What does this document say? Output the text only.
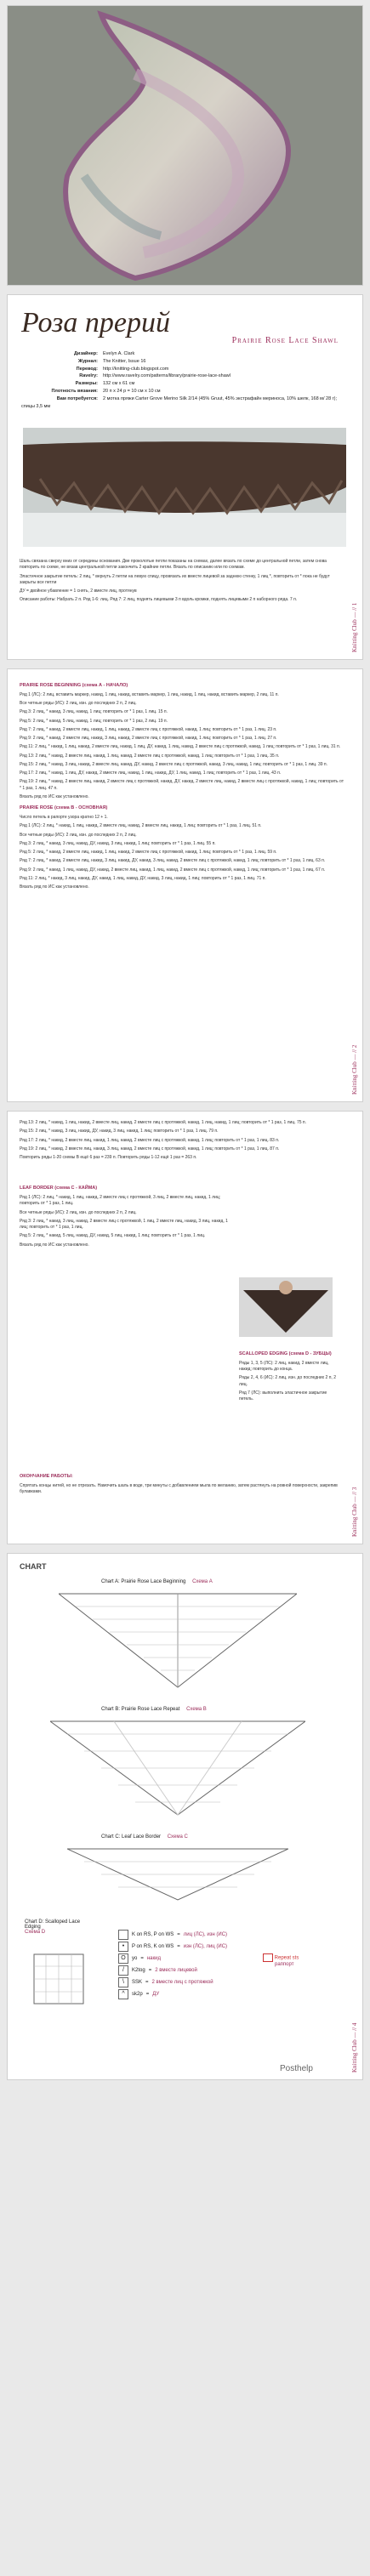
Роза прерий
Prairie Rose Lace Shawl
Дизайнер: Evelyn A. Clark
Журнал: The Knitter, Issue 16
Перевод: http://knitting-club.blogspot.com
Ravelry: http://www.ravelry.com/patterns/library/prairie-rose-lace-shawl
Размеры: 132 см х 61 см
Плотность вязания: 20 п х 24 р = 10 см х 10 см
Вам потребуется: 2 мотка пряжи Carter Grove Merino Silk 2/14 (45% Gruut, 45% экстрафайн мериноса, 10% шелк, 168 м/ 28 г); спицы 3,5 мм

Шаль связана сверху вниз от середины основания. Две проколотые петли показаны на схемах, далее вязать по схеме до центральной петли, затем снова повторить по схеме, не вязав центральной петли закончить 2 крайние петли. Вязать по описанию или по схемам.

Эластичное закрытие петель: 2 лиц, * вернуть 2 петли на левую спицу, провязать их вместе лицевой за заднюю стенку, 1 лиц *, повторить от * пока не будут закрыты все петли

ДУ = двойное убавление = 1 снять, 2 вместе лиц, протянув

Описание работы: Набрать 2 п. Ряд 1-6: лиц. Ряд 7: 2 лиц, поднять лицевыми 3 п вдоль кромки, поднять лицевыми 2 п наборного ряда. 7 п.

Knitting Club — // 1
PRAIRIE ROSE BEGINNING (схема А - НАЧАЛО)

Ряд 1 (ЛС): 2 лиц, вставить маркер, накид, 1 лиц, накид, вставить маркер, 1 лиц, накид, 1 лиц, накид, вставить маркер, 2 лиц. 11 п.

Все четные ряды (ИС): 2 лиц, изн. до последних 2 п, 2 лиц.

Ряд 3: 2 лиц, * накид, 3 лиц, накид, 1 лиц; повторить от * 1 раз, 1 лиц. 15 п.

Ряд 5: 2 лиц, * накид, 5 лиц, накид, 1 лиц; повторить от * 1 раз, 2 лиц. 19 п.

Ряд 7: 2 лиц, * накид, 2 вместе лиц, накид, 1 лиц, накид, 2 вместе лиц с протяжкой, накид, 1 лиц; повторить от * 1 раз, 1 лиц. 23 п.

Ряд 9: 2 лиц, * накид, 2 вместе лиц, накид, 3 лиц, накид, 2 вместе лиц с протяжкой, накид, 1 лиц; повторить от * 1 раз, 1 лиц. 27 п.

Ряд 11: 2 лиц, * накид, 1 лиц, накид, 2 вместе лиц, накид, 1 лиц, ДУ, накид, 1 лиц, накид, 2 вместе лиц с протяжкой, накид, 1 лиц; повторить от * 1 раз, 1 лиц. 31 п.

Ряд 13: 2 лиц, * накид, 2 вместе лиц, накид, 1 лиц, накид, 2 вместе лиц с протяжкой, накид, 1 лиц; повторить от * 1 раз, 1 лиц. 35 п.

Ряд 15: 2 лиц, * накид, 3 лиц, накид, 2 вместе лиц, накид, ДУ, накид, 2 вместе лиц с протяжкой, накид, 3 лиц, накид, 1 лиц; повторить от * 1 раз, 1 лиц. 39 п.

Ряд 17: 2 лиц, * накид, 1 лиц, ДУ, накид, 2 вместе лиц, накид, 1 лиц, накид, ДУ, 1 лиц, накид, 1 лиц; повторить от * 1 раз, 1 лиц. 43 п.

Ряд 19: 2 лиц, * накид, 2 вместе лиц, накид, 2 вместе лиц с протяжкой, накид, ДУ, накид, 2 вместе лиц, накид, 2 вместе лиц с протяжкой, накид, 1 лиц; повторить от * 1 раз, 1 лиц. 47 п.

Вязать ряд по ИС как установлено.

PRAIRIE ROSE (схема В - ОСНОВНАЯ)

Число петель в рапорте узора кратно 12 + 1.

Ряд 1 (ЛС): 2 лиц, * накид, 1 лиц, накид, 2 вместе лиц, накид, 2 вместе лиц, накид, 1 лиц; повторить от * 1 раз, 1 лиц. 51 п.

Все четные ряды (ИС): 2 лиц, изн. до последних 2 п, 2 лиц.

Ряд 3: 2 лиц, * накид, 3 лиц, накид, ДУ, накид, 3 лиц, накид, 1 лиц; повторить от * 1 раз, 1 лиц. 55 п.

Ряд 5: 2 лиц, * накид, 2 вместе лиц, накид, 1 лиц, накид, 2 вместе лиц с протяжкой, накид, 1 лиц; повторить от * 1 раз, 1 лиц. 59 п.

Ряд 7: 2 лиц, * накид, 2 вместе лиц, накид, 3 лиц, накид, ДУ, накид, 3 лиц, накид, 2 вместе лиц с протяжкой, накид, 1 лиц; повторить от * 1 раз, 1 лиц. 63 п.

Ряд 9: 2 лиц, * накид, 1 лиц, накид, ДУ, накид, 2 вместе лиц, накид, 1 лиц, накид, 2 вместе лиц с протяжкой, накид, 1 лиц; повторить от * 1 раз, 1 лиц. 67 п.

Ряд 11: 2 лиц, * накид, 3 лиц, накид, ДУ, накид, 1 лиц, накид, ДУ, накид, 3 лиц, накид, 1 лиц; повторить от * 1 раз, 1 лиц. 71 п.

Вязать ряд по ИС как установлено.

Knitting Club — // 2

Ряд 13: 2 лиц, * накид, 1 лиц, накид, 2 вместе лиц, накид, 2 вместе лиц с протяжкой, накид, 1 лиц, накид, 1 лиц; повторить от * 1 раз, 1 лиц. 75 п.

Ряд 15: 2 лиц, * накид, 3 лиц, накид, ДУ, накид, 3 лиц, накид, 1 лиц; повторить от * 1 раз, 1 лиц. 79 п.

Ряд 17: 2 лиц, * накид, 2 вместе лиц, накид, 1 лиц, накид, 2 вместе лиц с протяжкой, накид, 1 лиц; повторить от * 1 раз, 1 лиц. 83 п.

Ряд 19: 2 лиц, * накид, 2 вместе лиц, накид, 3 лиц, накид, 2 вместе лиц с протяжкой, накид, 1 лиц; повторить от * 1 раз, 1 лиц. 87 п.

Повторить ряды 1-20 схемы В ещё 6 раз = 239 п. Повторить ряды 1-12 ещё 1 раз = 263 п.

LEAF BORDER (схема С - КАЙМА)

Ряд 1 (ЛС): 2 лиц, * накид, 1 лиц, накид, 2 вместе лиц с протяжкой, 3 лиц, 2 вместе лиц, накид, 1 лиц; повторить от * 1 раз, 1 лиц.

Все четные ряды (ИС): 2 лиц, изн. до последних 2 п, 2 лиц.

Ряд 3: 2 лиц, * накид, 3 лиц, накид, 2 вместе лиц с протяжкой, 1 лиц, 2 вместе лиц, накид, 3 лиц, накид, 1 лиц; повторить от * 1 раз, 1 лиц.

Ряд 5: 2 лиц, * накид, 5 лиц, накид, ДУ, накид, 5 лиц, накид, 1 лиц; повторить от * 1 раз, 1 лиц.

Вязать ряд по ИС как установлено.

SCALLOPED EDGING (схема D - ЗУБЦЫ)

Ряды 1, 3, 5 (ЛС): 2 лиц, накид, 2 вместе лиц, накид; повторить до конца.

Ряды 2, 4, 6 (ИС): 2 лиц, изн. до последних 2 п, 2 лиц.

Ряд 7 (ЛС): выполнить эластичное закрытие петель.

ОКОНЧАНИЕ РАБОТЫ:

Спрятать концы нитей, но не отрезать. Намочить шаль в воде, три минуты с добавлением мыла по желанию, затем растянуть на ровной поверхности, закрепив булавками.	Knitting Club — // 3
CHART
Chart A: Prairie Rose Lace Beginning Схема А
Chart B: Prairie Rose Lace Repeat Схема В
Chart C: Leaf Lace Border Схема С
Chart D: Scalloped Lace Edging
Схема D	K on RS, P on WS = лиц (ЛС), изн (ИС)
•	P on RS, K on WS = изн (ЛС), лиц (ИС)
O	yo = накид
/	K2tog = 2 вместе лицевой
\	SSK = 2 вместе лиц с протяжкой
^	sk2p = ДУ
Repeat sts
раппорт
Knitting Club — // 4
Posthelp
